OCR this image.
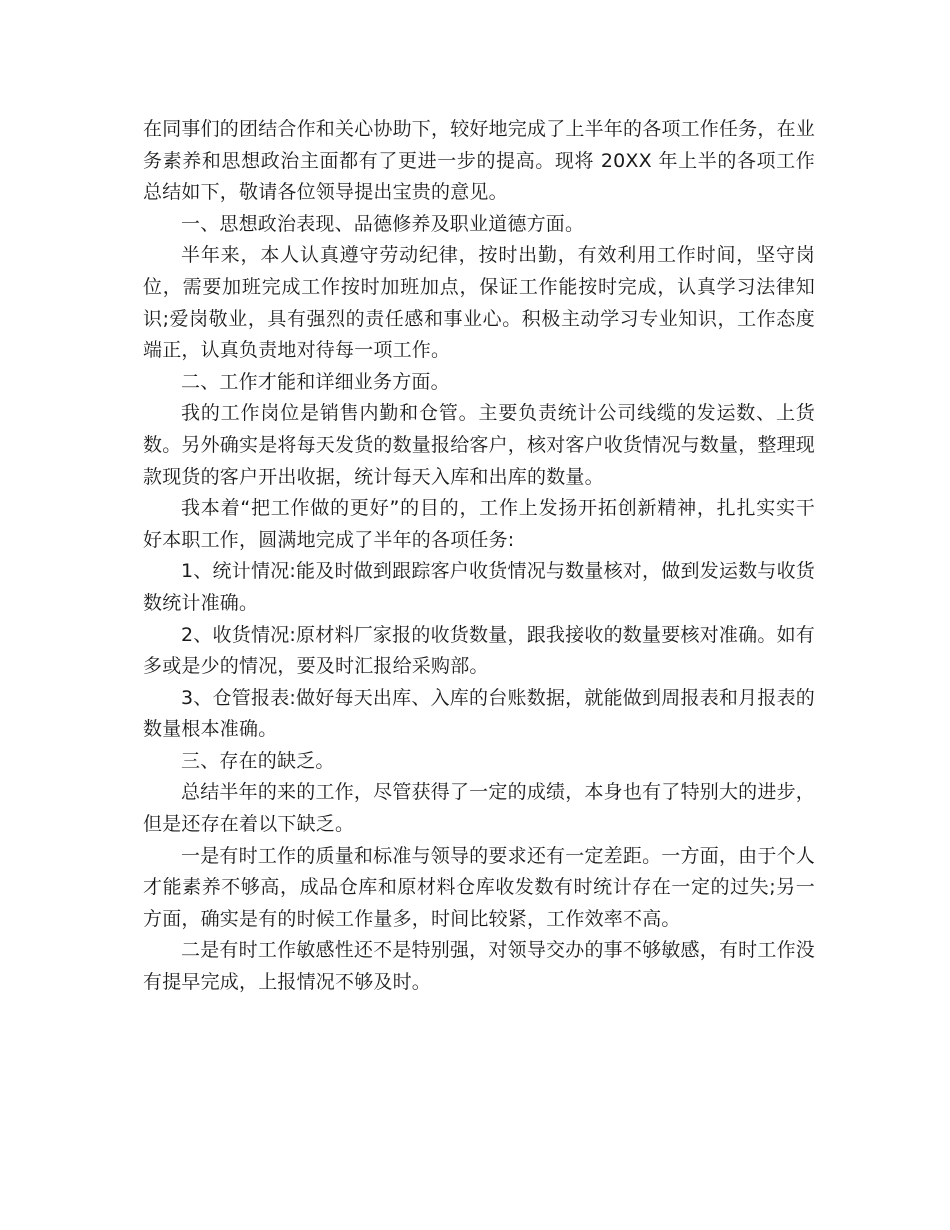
在同事们的团结合作和关心协助下，较好地完成了上半年的各项工作任务，在业务素养和思想政治主面都有了更进一步的提高。现将 20XX 年上半的各项工作总结如下，敬请各位领导提出宝贵的意见。

一、思想政治表现、品德修养及职业道德方面。

半年来，本人认真遵守劳动纪律，按时出勤，有效利用工作时间，坚守岗位，需要加班完成工作按时加班加点，保证工作能按时完成，认真学习法律知识;爱岗敬业，具有强烈的责任感和事业心。积极主动学习专业知识，工作态度端正，认真负责地对待每一项工作。

二、工作才能和详细业务方面。

我的工作岗位是销售内勤和仓管。主要负责统计公司线缆的发运数、上货数。另外确实是将每天发货的数量报给客户，核对客户收货情况与数量，整理现款现货的客户开出收据，统计每天入库和出库的数量。

我本着“把工作做的更好”的目的，工作上发扬开拓创新精神，扎扎实实干好本职工作，圆满地完成了半年的各项任务:

1、统计情况:能及时做到跟踪客户收货情况与数量核对，做到发运数与收货数统计准确。

2、收货情况:原材料厂家报的收货数量，跟我接收的数量要核对准确。如有多或是少的情况，要及时汇报给采购部。

3、仓管报表:做好每天出库、入库的台账数据，就能做到周报表和月报表的数量根本准确。

三、存在的缺乏。

总结半年的来的工作，尽管获得了一定的成绩，本身也有了特别大的进步，但是还存在着以下缺乏。

一是有时工作的质量和标准与领导的要求还有一定差距。一方面，由于个人才能素养不够高，成品仓库和原材料仓库收发数有时统计存在一定的过失;另一方面，确实是有的时候工作量多，时间比较紧，工作效率不高。

二是有时工作敏感性还不是特别强，对领导交办的事不够敏感，有时工作没有提早完成，上报情况不够及时。
